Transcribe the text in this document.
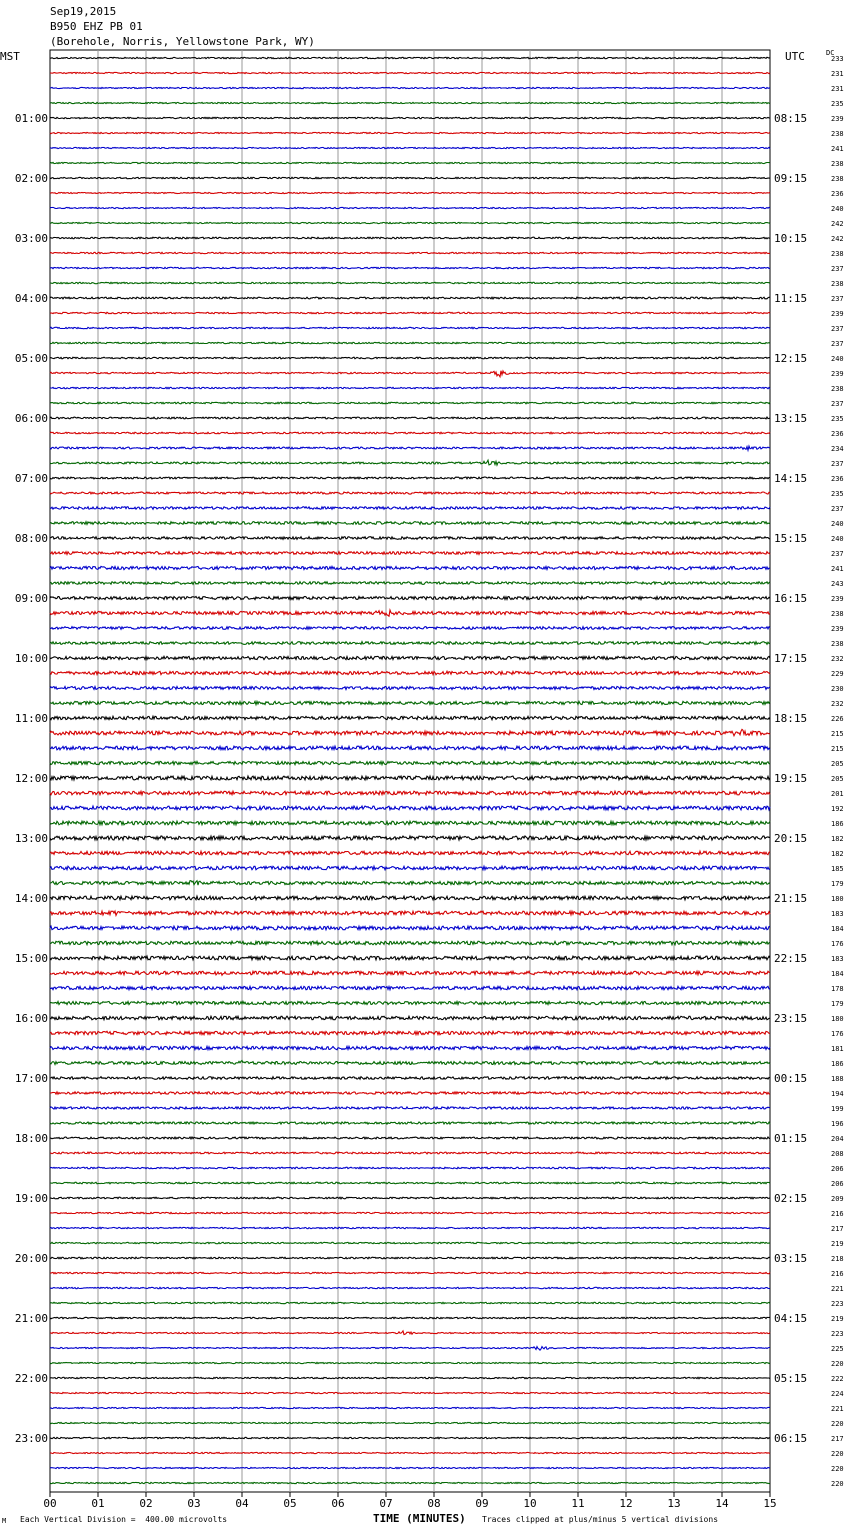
Sep19,2015
B950 EHZ PB 01
(Borehole, Norris, Yellowstone Park, WY)
MST	UTC	DC
01:00
02:00
03:00
04:00
05:00
06:00
07:00
08:00
09:00
10:00
11:00
12:00
13:00
14:00
15:00
16:00
17:00
18:00
19:00
20:00
21:00
22:00
23:00
08:15
09:15
10:15
11:15
12:15
13:15
14:15
15:15
16:15
17:15
18:15
19:15
20:15
21:15
22:15
23:15
00:15
01:15
02:15
03:15
04:15
05:15
06:15
233
231
231
235
239
238
241
238
238
236
240
242
242
238
237
238
237
239
237
237
240
239
238
237
235
236
234
237
236
235
237
240
240
237
241
243
239
238
239
238
232
229
230
232
226
215
215
205
205
201
192
186
182
182
185
179
180
183
184
176
183
184
178
179
180
176
181
186
188
194
199
196
204
208
206
206
209
216
217
219
218
216
221
223
219
223
225
220
222
224
221
220
217
220
220
220
00	01	02	03	04	05	06	07	08	09	10	11	12	13	14	15
M Each Vertical Division =  400.00 microvolts	TIME (MINUTES) Traces clipped at plus/minus 5 vertical divisions
